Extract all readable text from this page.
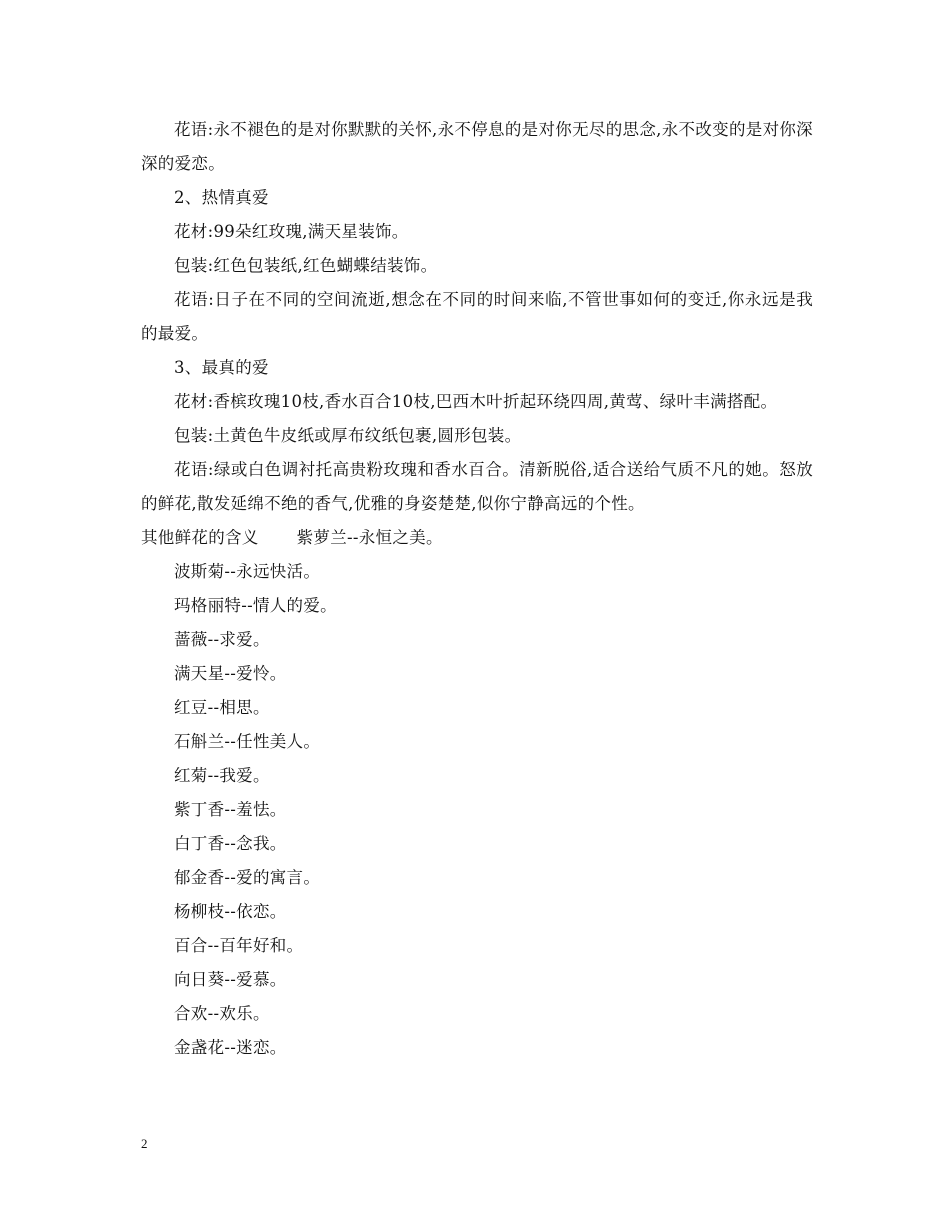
花语:永不褪色的是对你默默的关怀,永不停息的是对你无尽的思念,永不改变的是对你深深的爱恋。

2、热情真爱

花材:99朵红玫瑰,满天星装饰。

包装:红色包装纸,红色蝴蝶结装饰。

花语:日子在不同的空间流逝,想念在不同的时间来临,不管世事如何的变迁,你永远是我的最爱。

3、最真的爱

花材:香槟玫瑰10枝,香水百合10枝,巴西木叶折起环绕四周,黄莺、绿叶丰满搭配。

包装:土黄色牛皮纸或厚布纹纸包裹,圆形包装。

花语:绿或白色调衬托高贵粉玫瑰和香水百合。清新脱俗,适合送给气质不凡的她。怒放的鲜花,散发延绵不绝的香气,优雅的身姿楚楚,似你宁静高远的个性。

其他鲜花的含义 紫萝兰--永恒之美。

波斯菊--永远快活。

玛格丽特--情人的爱。

蔷薇--求爱。

满天星--爱怜。

红豆--相思。

石斛兰--任性美人。

红菊--我爱。

紫丁香--羞怯。

白丁香--念我。

郁金香--爱的寓言。

杨柳枝--依恋。

百合--百年好和。

向日葵--爱慕。

合欢--欢乐。

金盏花--迷恋。

2
